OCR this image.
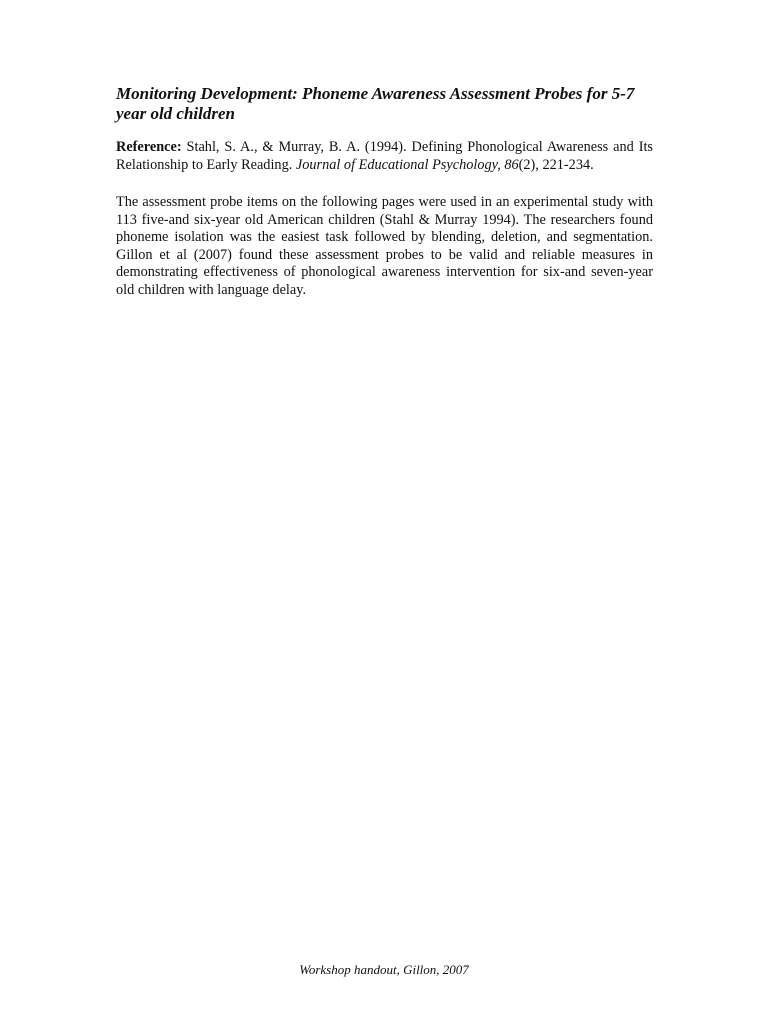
Monitoring Development: Phoneme Awareness Assessment Probes for 5-7 year old children

Reference: Stahl, S. A., & Murray, B. A. (1994). Defining Phonological Awareness and Its Relationship to Early Reading. Journal of Educational Psychology, 86(2), 221-234.

The assessment probe items on the following pages were used in an experimental study with 113 five-and six-year old American children (Stahl & Murray 1994). The researchers found phoneme isolation was the easiest task followed by blending, deletion, and segmentation. Gillon et al (2007) found these assessment probes to be valid and reliable measures in demonstrating effectiveness of phonological awareness intervention for six-and seven-year old children with language delay.

Workshop handout, Gillon, 2007
